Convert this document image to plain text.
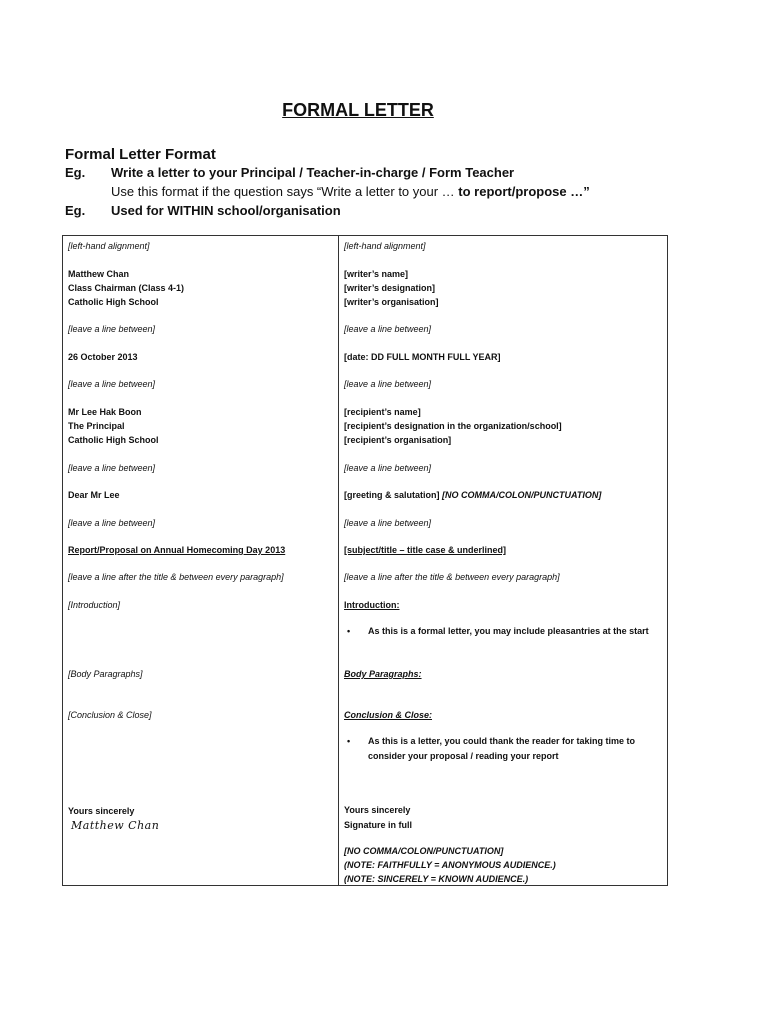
FORMAL LETTER
Formal Letter Format
Eg. Write a letter to your Principal / Teacher-in-charge / Form Teacher
Use this format if the question says “Write a letter to your … to report/propose …”
Eg. Used for WITHIN school/organisation
[left-hand alignment]
Matthew Chan
Class Chairman (Class 4-1)
Catholic High School
[leave a line between]
26 October 2013
[leave a line between]
Mr Lee Hak Boon
The Principal
Catholic High School
[leave a line between]
Dear Mr Lee
[leave a line between]
Report/Proposal on Annual Homecoming Day 2013
[leave a line after the title & between every paragraph]
[Introduction]
[Body Paragraphs]
[Conclusion & Close]
Yours sincerely
Matthew Chan
[left-hand alignment]
[writer’s name]
[writer’s designation]
[writer’s organisation]
[leave a line between]
[date: DD FULL MONTH FULL YEAR]
[leave a line between]
[recipient’s name]
[recipient’s designation in the organization/school]
[recipient’s organisation]
[leave a line between]
[greeting & salutation] [NO COMMA/COLON/PUNCTUATION]
[leave a line between]
[subject/title – title case & underlined]
[leave a line after the title & between every paragraph]
Introduction:
• As this is a formal letter, you may include pleasantries at the start
Body Paragraphs:
Conclusion & Close:
• As this is a letter, you could thank the reader for taking time to consider your proposal / reading your report
Yours sincerely
Signature in full
[NO COMMA/COLON/PUNCTUATION]
(NOTE: FAITHFULLY = ANONYMOUS AUDIENCE.)
(NOTE: SINCERELY = KNOWN AUDIENCE.)
